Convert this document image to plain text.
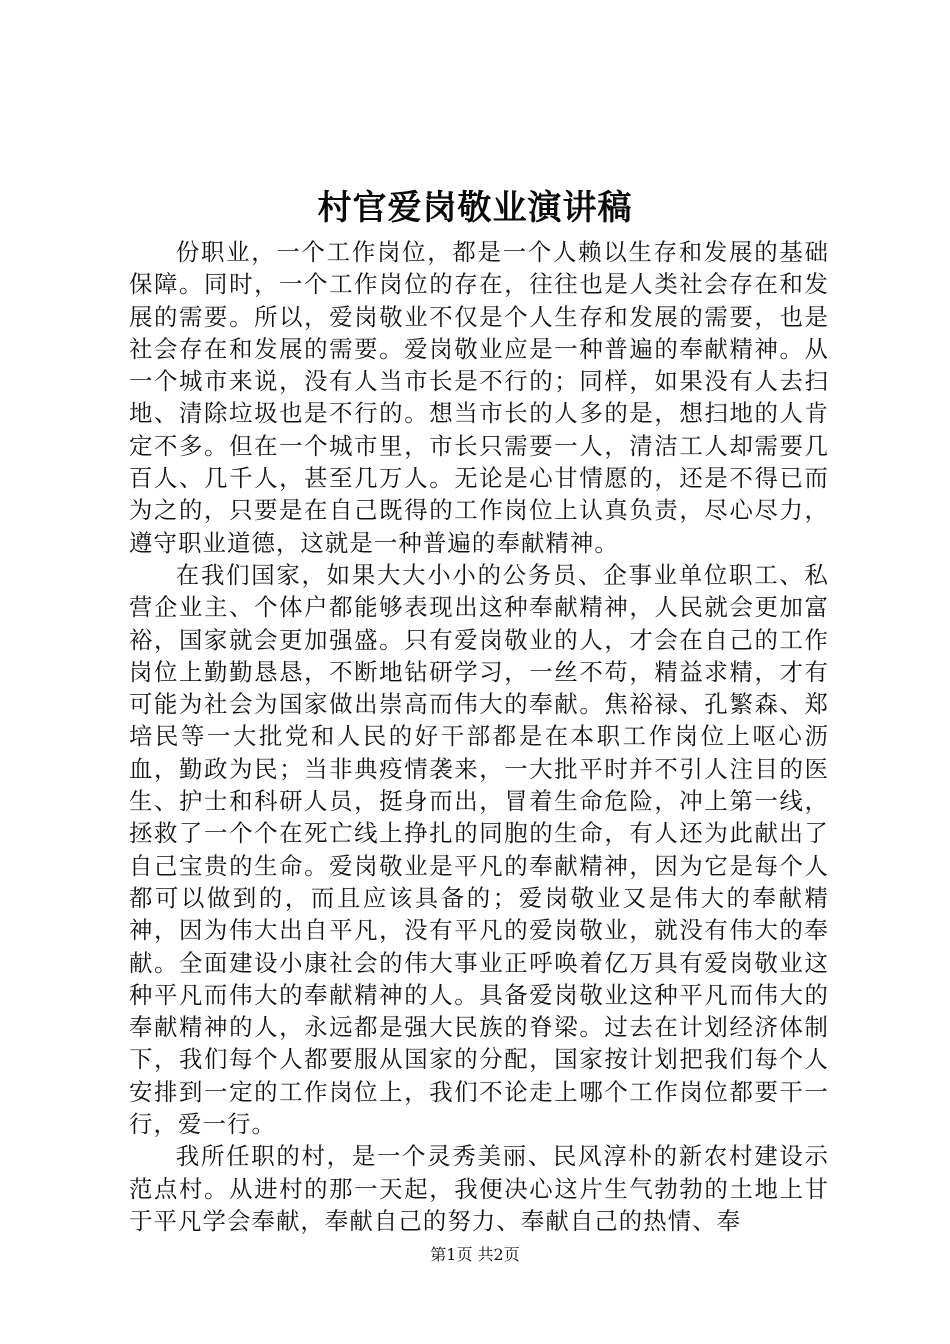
村官爱岗敬业演讲稿

份职业，一个工作岗位，都是一个人赖以生存和发展的基础保障。同时，一个工作岗位的存在，往往也是人类社会存在和发展的需要。所以，爱岗敬业不仅是个人生存和发展的需要，也是社会存在和发展的需要。爱岗敬业应是一种普遍的奉献精神。从一个城市来说，没有人当市长是不行的；同样，如果没有人去扫地、清除垃圾也是不行的。想当市长的人多的是，想扫地的人肯定不多。但在一个城市里，市长只需要一人，清洁工人却需要几百人、几千人，甚至几万人。无论是心甘情愿的，还是不得已而为之的，只要是在自己既得的工作岗位上认真负责，尽心尽力，遵守职业道德，这就是一种普遍的奉献精神。

在我们国家，如果大大小小的公务员、企事业单位职工、私营企业主、个体户都能够表现出这种奉献精神，人民就会更加富裕，国家就会更加强盛。只有爱岗敬业的人，才会在自己的工作岗位上勤勤恳恳，不断地钻研学习，一丝不苟，精益求精，才有可能为社会为国家做出崇高而伟大的奉献。焦裕禄、孔繁森、郑培民等一大批党和人民的好干部都是在本职工作岗位上呕心沥血，勤政为民；当非典疫情袭来，一大批平时并不引人注目的医生、护士和科研人员，挺身而出，冒着生命危险，冲上第一线，拯救了一个个在死亡线上挣扎的同胞的生命，有人还为此献出了自己宝贵的生命。爱岗敬业是平凡的奉献精神，因为它是每个人都可以做到的，而且应该具备的；爱岗敬业又是伟大的奉献精神，因为伟大出自平凡，没有平凡的爱岗敬业，就没有伟大的奉献。全面建设小康社会的伟大事业正呼唤着亿万具有爱岗敬业这种平凡而伟大的奉献精神的人。具备爱岗敬业这种平凡而伟大的奉献精神的人，永远都是强大民族的脊梁。过去在计划经济体制下，我们每个人都要服从国家的分配，国家按计划把我们每个人安排到一定的工作岗位上，我们不论走上哪个工作岗位都要干一行，爱一行。

我所任职的村，是一个灵秀美丽、民风淳朴的新农村建设示范点村。从进村的那一天起，我便决心这片生气勃勃的土地上甘于平凡学会奉献，奉献自己的努力、奉献自己的热情、奉

第1页 共2页
